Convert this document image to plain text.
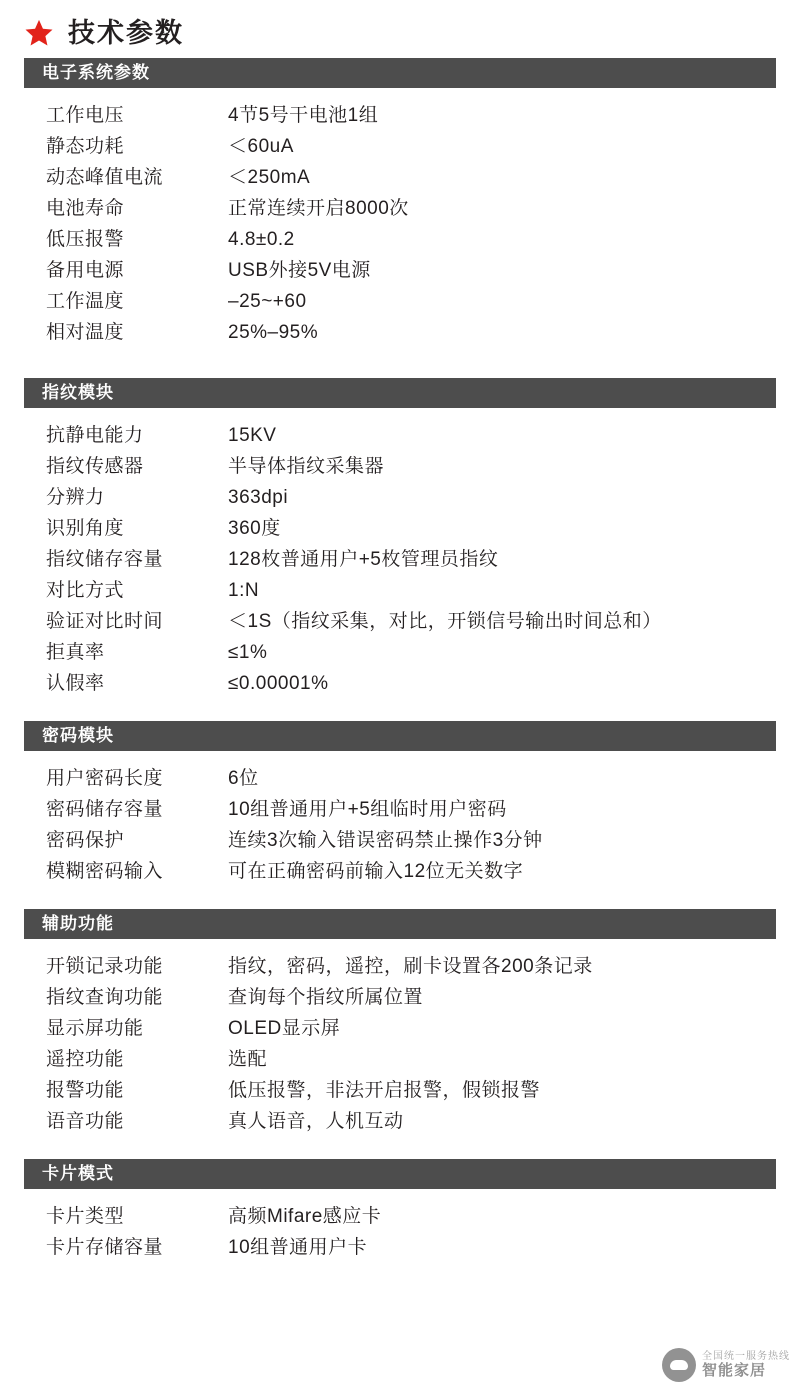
技术参数
电子系统参数
工作电压	4节5号干电池1组
静态功耗	＜60uA
动态峰值电流	＜250mA
电池寿命	正常连续开启8000次
低压报警	4.8±0.2
备用电源	USB外接5V电源
工作温度	–25~+60
相对温度	25%–95%
指纹模块
抗静电能力	15KV
指纹传感器	半导体指纹采集器
分辨力	363dpi
识别角度	360度
指纹储存容量	128枚普通用户+5枚管理员指纹
对比方式	1:N
验证对比时间	＜1S（指纹采集，对比，开锁信号输出时间总和）
拒真率	≤1%
认假率	≤0.00001%
密码模块
用户密码长度	6位
密码储存容量	10组普通用户+5组临时用户密码
密码保护	连续3次输入错误密码禁止操作3分钟
模糊密码输入	可在正确密码前输入12位无关数字
辅助功能
开锁记录功能	指纹，密码，遥控，刷卡设置各200条记录
指纹查询功能	查询每个指纹所属位置
显示屏功能	OLED显示屏
遥控功能	选配
报警功能	低压报警，非法开启报警，假锁报警
语音功能	真人语音，人机互动
卡片模式
卡片类型	高频Mifare感应卡
卡片存储容量	10组普通用户卡
全国统一服务热线
智能家居
